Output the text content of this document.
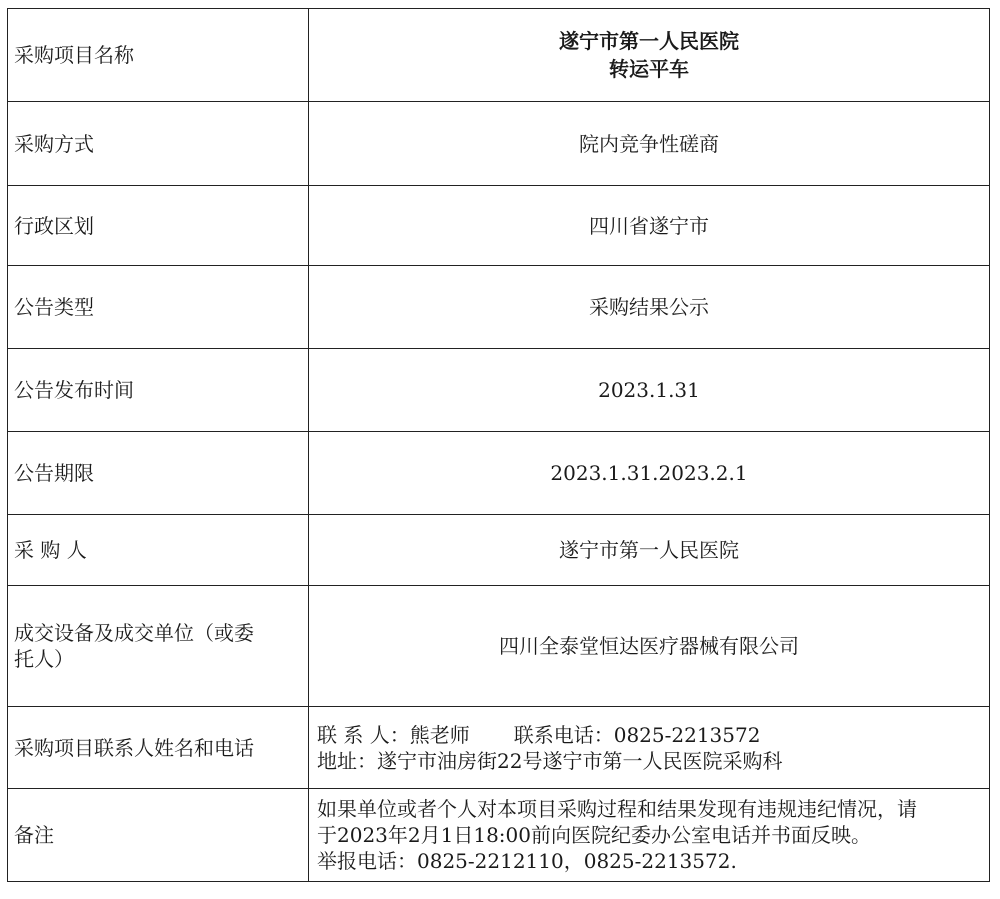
采购项目名称	遂宁市第一人民医院
转运平车

采购方式	院内竞争性磋商
行政区划	四川省遂宁市
公告类型	采购结果公示
公告发布时间	2023.1.31
公告期限	2023.1.31.2023.2.1
采 购 人	遂宁市第一人民医院

成交设备及成交单位（或委
托人）	四川全泰堂恒达医疗器械有限公司
采购项目联系人姓名和电话	联 系 人：熊老师 联系电话：0825-2213572
地址：遂宁市油房街22号遂宁市第一人民医院采购科

备注	如果单位或者个人对本项目采购过程和结果发现有违规违纪情况，请
于2023年2月1日18:00前向医院纪委办公室电话并书面反映。
举报电话：0825-2212110，0825-2213572.
